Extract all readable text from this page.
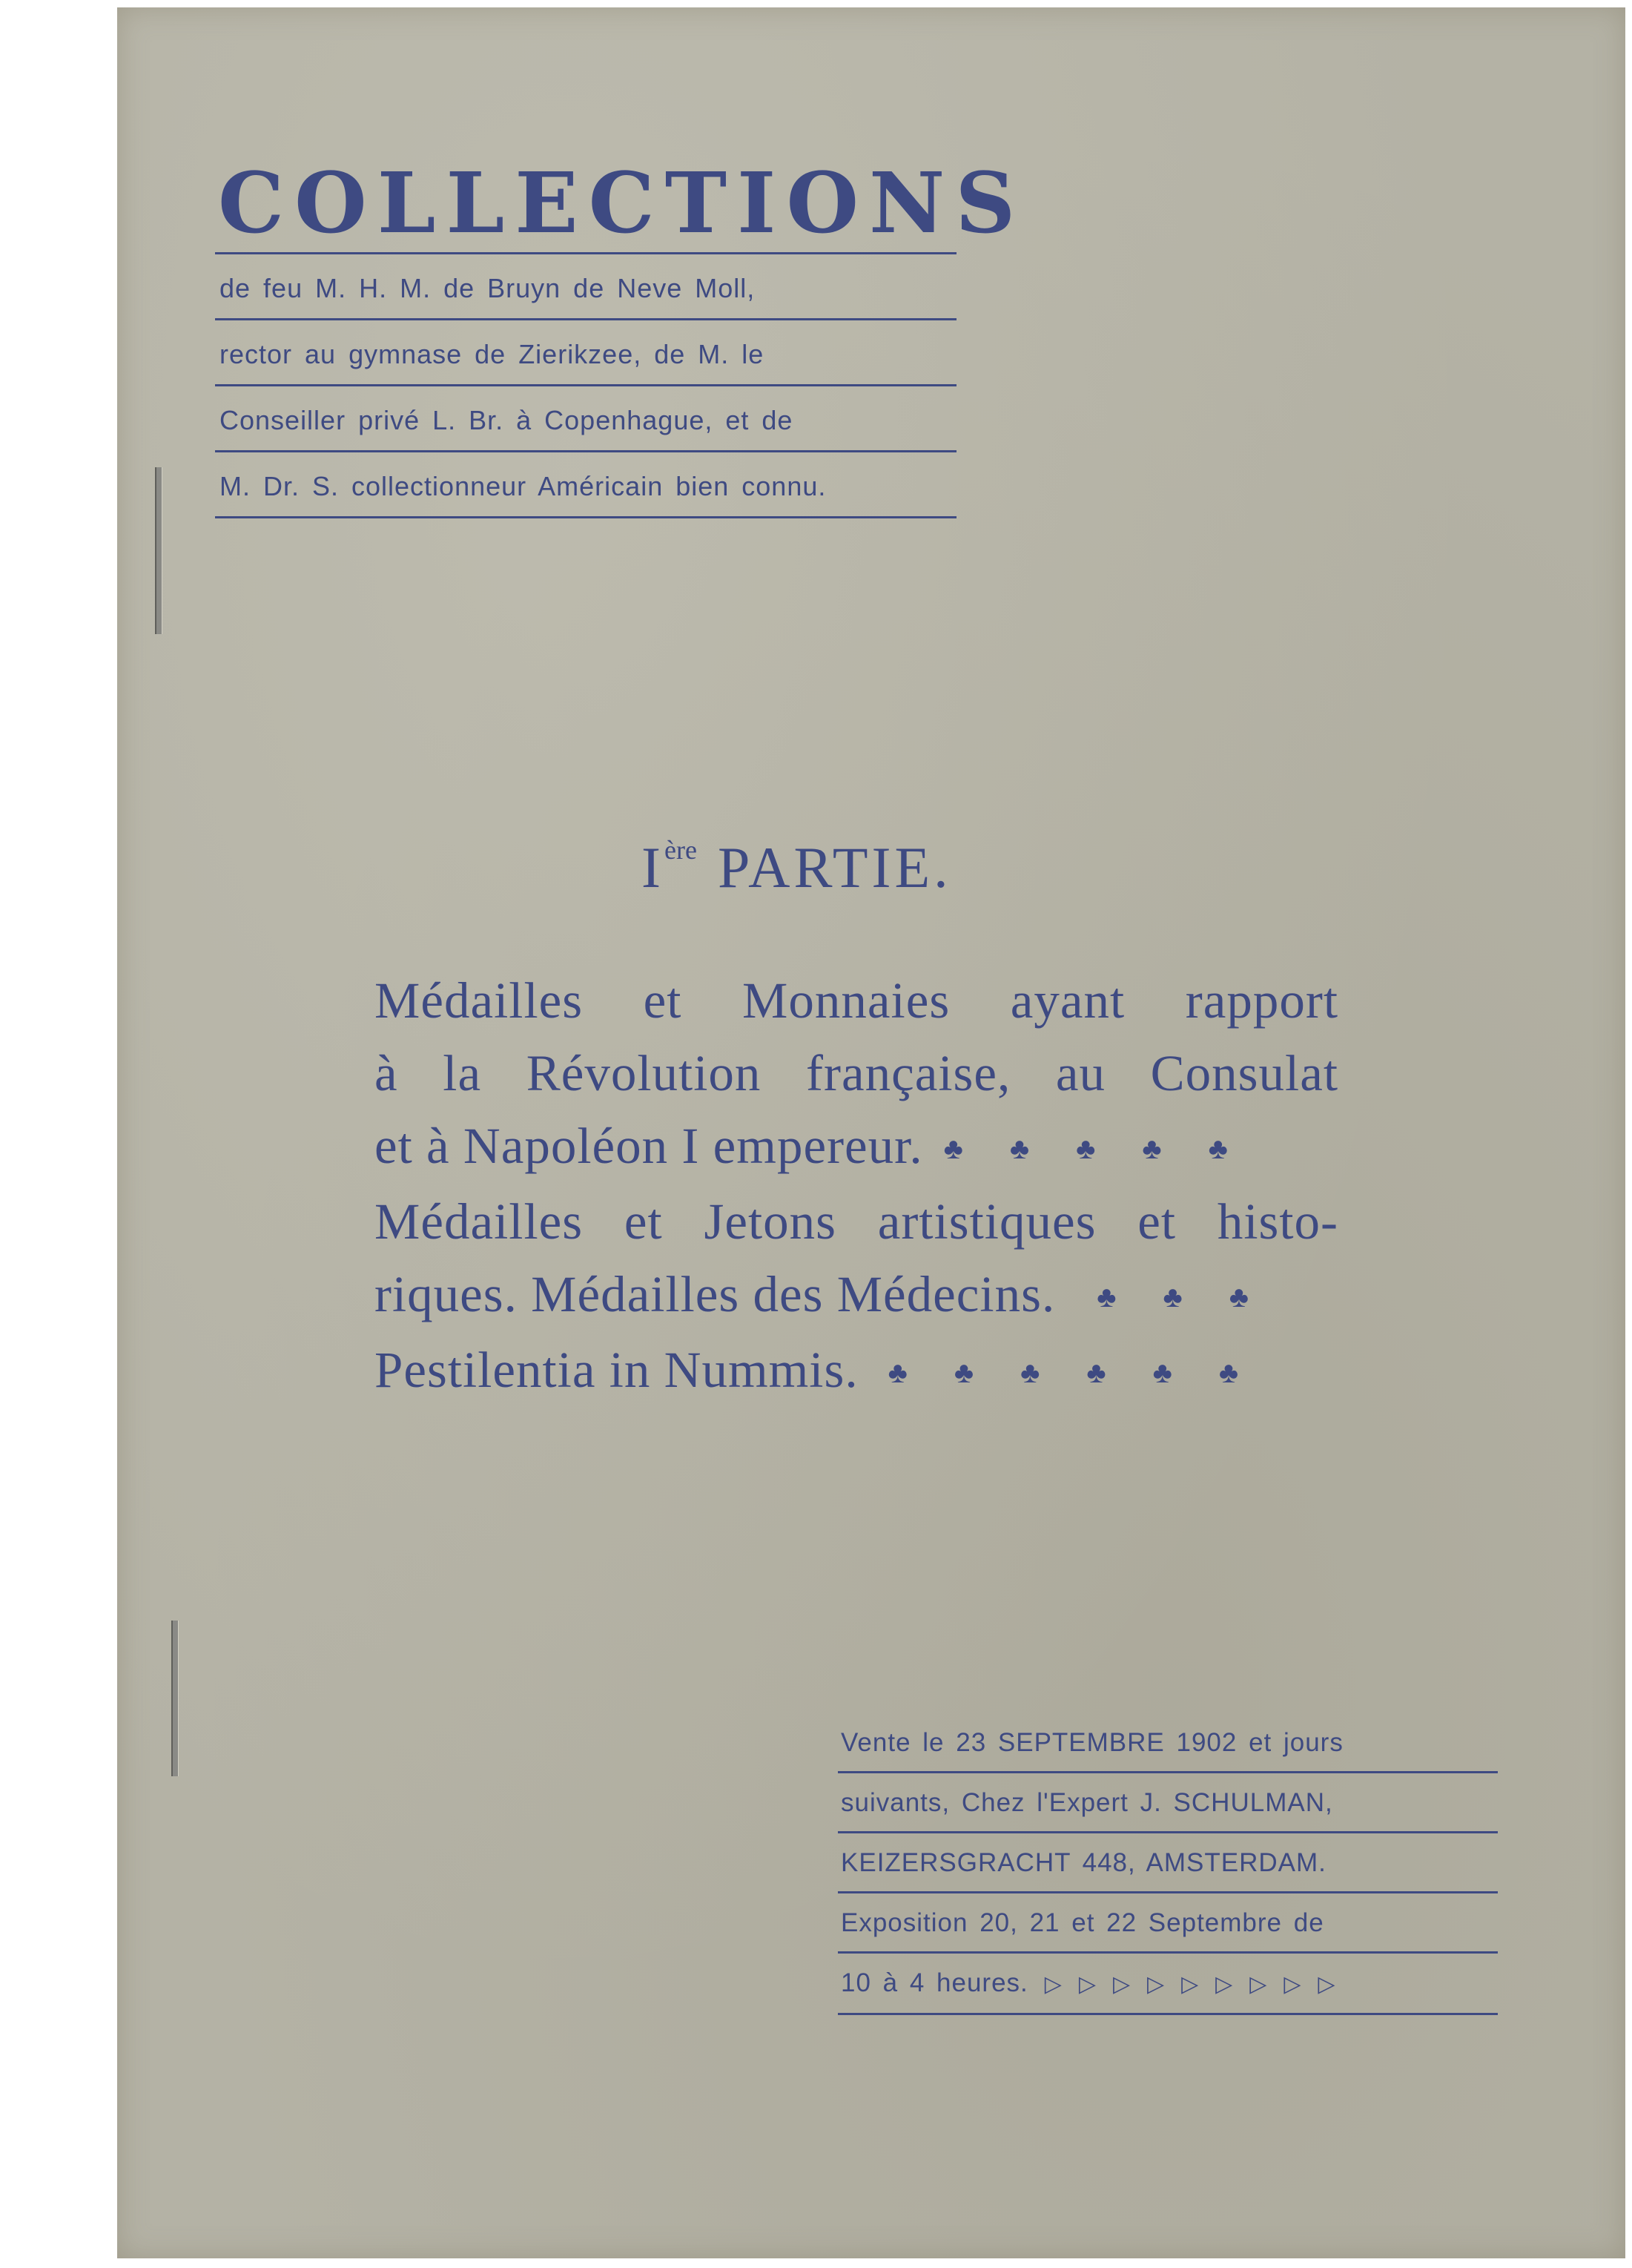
COLLECTIONS
de feu M. H. M. de Bruyn de Neve Moll,
rector au gymnase de Zierikzee, de M. le
Conseiller privé L. Br. à Copenhague, et de
M. Dr. S. collectionneur Américain bien connu.
Ière PARTIE.
Médailles et Monnaies ayant rapport
à la Révolution française, au Consulat
et à Napoléon I empereur. ♣ ♣ ♣ ♣ ♣
Médailles et Jetons artistiques et histo-
riques. Médailles des Médecins. ♣ ♣ ♣
Pestilentia in Nummis. ♣ ♣ ♣ ♣ ♣ ♣
Vente le 23 SEPTEMBRE 1902 et jours
suivants, Chez l'Expert J. SCHULMAN,
KEIZERSGRACHT 448, AMSTERDAM.
Exposition 20, 21 et 22 Septembre de
10 à 4 heures. ▷ ▷ ▷ ▷ ▷ ▷ ▷ ▷ ▷
